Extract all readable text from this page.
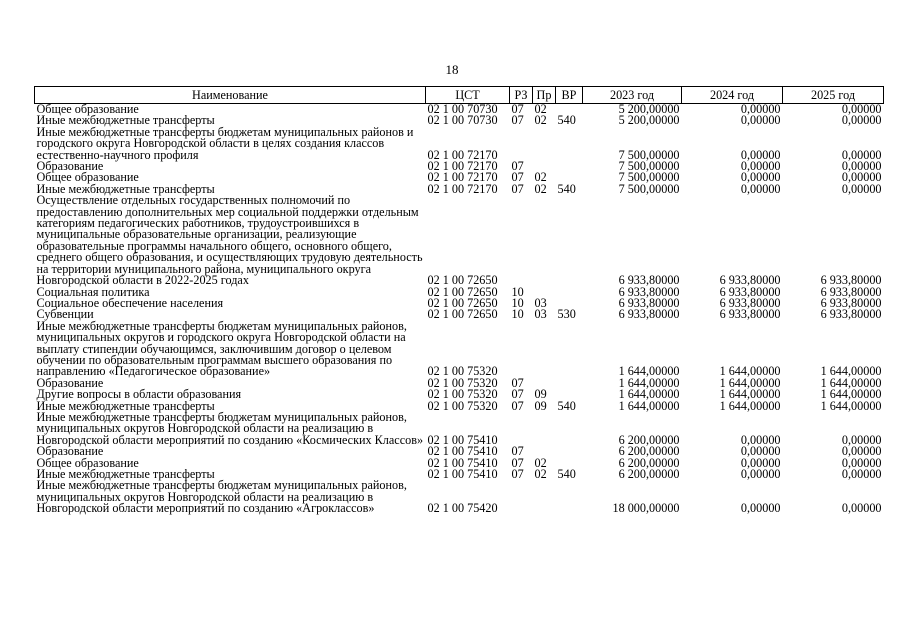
18
Наименование	ЦСТ	РЗ	Пр	ВР	2023 год	2024 год	2025 год
Общее образование	02 1 00 70730	07	02		5 200,00000	0,00000	0,00000
Иные межбюджетные трансферты	02 1 00 70730	07	02	540	5 200,00000	0,00000	0,00000
Иные межбюджетные трансферты бюджетам муниципальных районов и городского округа Новгородской области в целях создания классов естественно-научного профиля	02 1 00 72170				7 500,00000	0,00000	0,00000
Образование	02 1 00 72170	07			7 500,00000	0,00000	0,00000
Общее образование	02 1 00 72170	07	02		7 500,00000	0,00000	0,00000
Иные межбюджетные трансферты	02 1 00 72170	07	02	540	7 500,00000	0,00000	0,00000
Осуществление отдельных государственных полномочий по предоставлению дополнительных мер социальной поддержки отдельным категориям педагогических работников, трудоустроившихся в муниципальные образовательные организации, реализующие образовательные программы начального общего, основного общего, среднего общего образования, и осуществляющих трудовую деятельность на территории муниципального района, муниципального округа Новгородской области в 2022-2025 годах	02 1 00 72650				6 933,80000	6 933,80000	6 933,80000
Социальная политика	02 1 00 72650	10			6 933,80000	6 933,80000	6 933,80000
Социальное обеспечение населения	02 1 00 72650	10	03		6 933,80000	6 933,80000	6 933,80000
Субвенции	02 1 00 72650	10	03	530	6 933,80000	6 933,80000	6 933,80000
Иные межбюджетные трансферты бюджетам муниципальных районов, муниципальных округов и городского округа Новгородской области на выплату стипендии обучающимся, заключившим договор о целевом обучении по образовательным программам высшего образования по направлению «Педагогическое образование»	02 1 00 75320				1 644,00000	1 644,00000	1 644,00000
Образование	02 1 00 75320	07			1 644,00000	1 644,00000	1 644,00000
Другие вопросы в области образования	02 1 00 75320	07	09		1 644,00000	1 644,00000	1 644,00000
Иные межбюджетные трансферты	02 1 00 75320	07	09	540	1 644,00000	1 644,00000	1 644,00000
Иные межбюджетные трансферты бюджетам муниципальных районов, муниципальных округов Новгородской области на реализацию в Новгородской области мероприятий по созданию «Космических Классов»	02 1 00 75410				6 200,00000	0,00000	0,00000
Образование	02 1 00 75410	07			6 200,00000	0,00000	0,00000
Общее образование	02 1 00 75410	07	02		6 200,00000	0,00000	0,00000
Иные межбюджетные трансферты	02 1 00 75410	07	02	540	6 200,00000	0,00000	0,00000
Иные межбюджетные трансферты бюджетам муниципальных районов, муниципальных округов Новгородской области на реализацию в Новгородской области мероприятий по созданию «Агроклассов»	02 1 00 75420				18 000,00000	0,00000	0,00000
